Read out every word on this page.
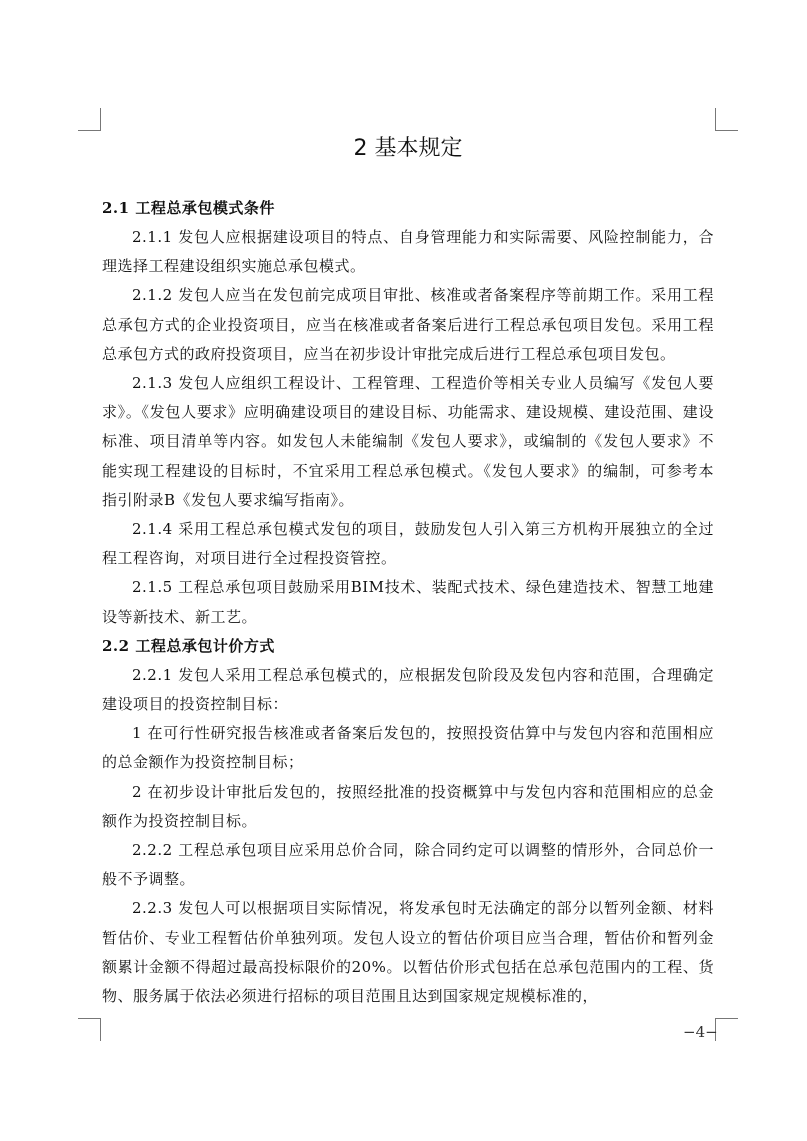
2 基本规定
2.1 工程总承包模式条件

2.1.1 发包人应根据建设项目的特点、自身管理能力和实际需要、风险控制能力，合理选择工程建设组织实施总承包模式。

2.1.2 发包人应当在发包前完成项目审批、核准或者备案程序等前期工作。采用工程总承包方式的企业投资项目，应当在核准或者备案后进行工程总承包项目发包。采用工程总承包方式的政府投资项目，应当在初步设计审批完成后进行工程总承包项目发包。

2.1.3 发包人应组织工程设计、工程管理、工程造价等相关专业人员编写《发包人要求》。《发包人要求》应明确建设项目的建设目标、功能需求、建设规模、建设范围、建设标准、项目清单等内容。如发包人未能编制《发包人要求》，或编制的《发包人要求》不能实现工程建设的目标时，不宜采用工程总承包模式。《发包人要求》的编制，可参考本指引附录B《发包人要求编写指南》。

2.1.4 采用工程总承包模式发包的项目，鼓励发包人引入第三方机构开展独立的全过程工程咨询，对项目进行全过程投资管控。

2.1.5 工程总承包项目鼓励采用BIM技术、装配式技术、绿色建造技术、智慧工地建设等新技术、新工艺。

2.2 工程总承包计价方式

2.2.1 发包人采用工程总承包模式的，应根据发包阶段及发包内容和范围，合理确定建设项目的投资控制目标：

1 在可行性研究报告核准或者备案后发包的，按照投资估算中与发包内容和范围相应的总金额作为投资控制目标；

2 在初步设计审批后发包的，按照经批准的投资概算中与发包内容和范围相应的总金额作为投资控制目标。

2.2.2 工程总承包项目应采用总价合同，除合同约定可以调整的情形外，合同总价一般不予调整。

2.2.3 发包人可以根据项目实际情况，将发承包时无法确定的部分以暂列金额、材料暂估价、专业工程暂估价单独列项。发包人设立的暂估价项目应当合理，暂估价和暂列金额累计金额不得超过最高投标限价的20%。以暂估价形式包括在总承包范围内的工程、货物、服务属于依法必须进行招标的项目范围且达到国家规定规模标准的，

−4−
